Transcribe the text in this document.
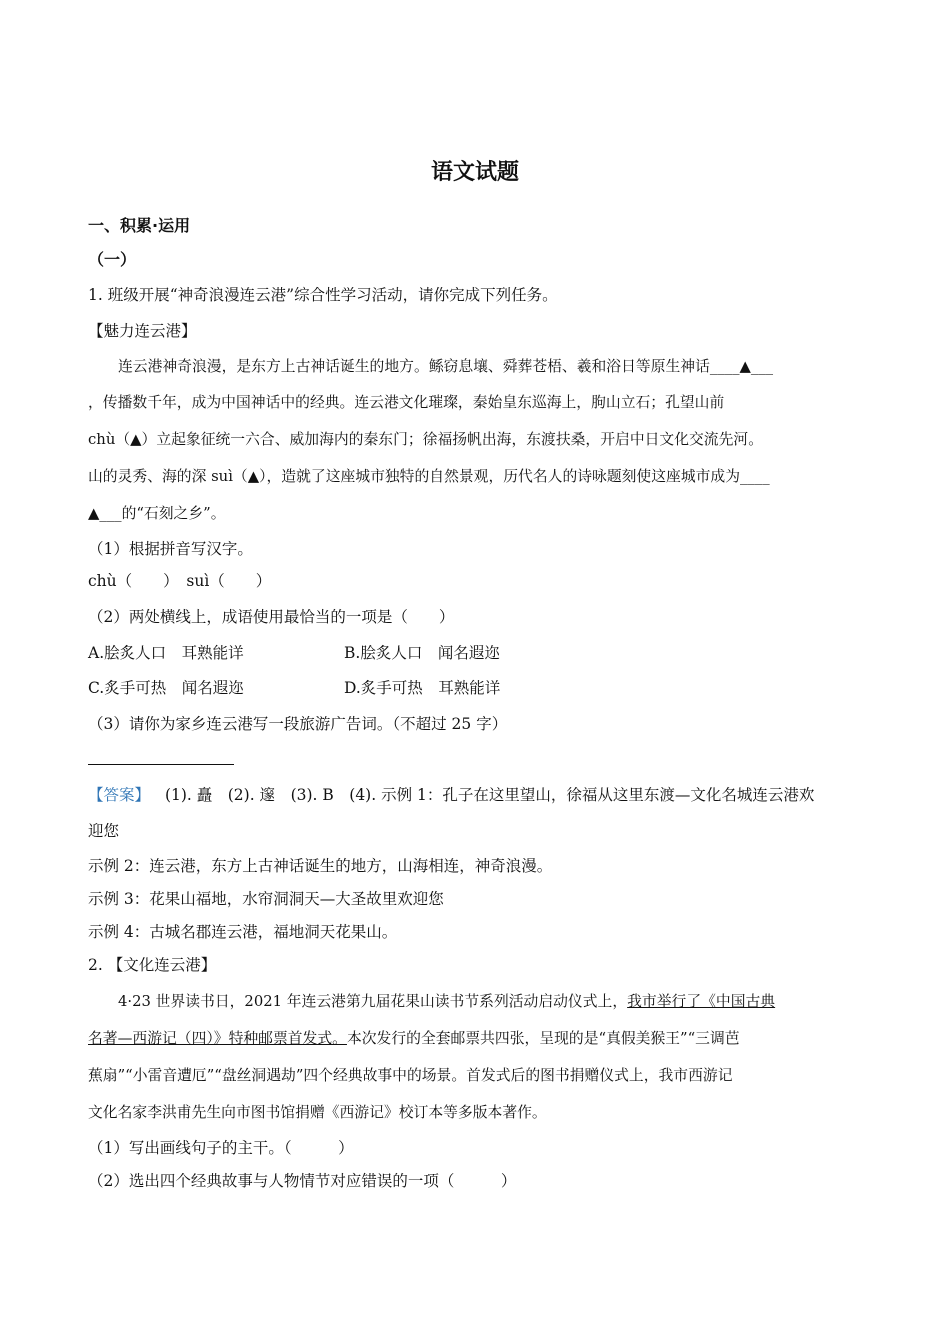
语文试题
一、积累·运用
（一）
1. 班级开展“神奇浪漫连云港”综合性学习活动，请你完成下列任务。
【魅力连云港】
连云港神奇浪漫，是东方上古神话诞生的地方。鲧窃息壤、舜葬苍梧、羲和浴日等原生神话____▲___
，传播数千年，成为中国神话中的经典。连云港文化璀璨，秦始皇东巡海上，朐山立石；孔望山前
chù（▲）立起象征统一六合、威加海内的秦东门；徐福扬帆出海，东渡扶桑，开启中日文化交流先河。
山的灵秀、海的深 suì（▲），造就了这座城市独特的自然景观，历代名人的诗咏题刻使这座城市成为____
▲___的“石刻之乡”。
（1）根据拼音写汉字。
chù（　　）　suì（　　）
（2）两处横线上，成语使用最恰当的一项是（　　）
A.脍炙人口　耳熟能详	B.脍炙人口　闻名遐迩
C.炙手可热　闻名遐迩	D.炙手可热　耳熟能详
（3）请你为家乡连云港写一段旅游广告词。（不超过 25 字）
【答案】 (1). 矗　(2). 邃　(3). B　(4). 示例 1：孔子在这里望山，徐福从这里东渡—文化名城连云港欢
迎您
示例 2：连云港，东方上古神话诞生的地方，山海相连，神奇浪漫。
示例 3：花果山福地，水帘洞洞天—大圣故里欢迎您
示例 4：古城名郡连云港，福地洞天花果山。
2. 【文化连云港】
4·23 世界读书日，2021 年连云港第九届花果山读书节系列活动启动仪式上，我市举行了《中国古典
名著—西游记（四）》特种邮票首发式。本次发行的全套邮票共四张，呈现的是“真假美猴王”“三调芭
蕉扇”“小雷音遭厄”“盘丝洞遇劫”四个经典故事中的场景。首发式后的图书捐赠仪式上，我市西游记
文化名家李洪甫先生向市图书馆捐赠《西游记》校订本等多版本著作。
（1）写出画线句子的主干。（　　　）
（2）选出四个经典故事与人物情节对应错误的一项（　　　）
